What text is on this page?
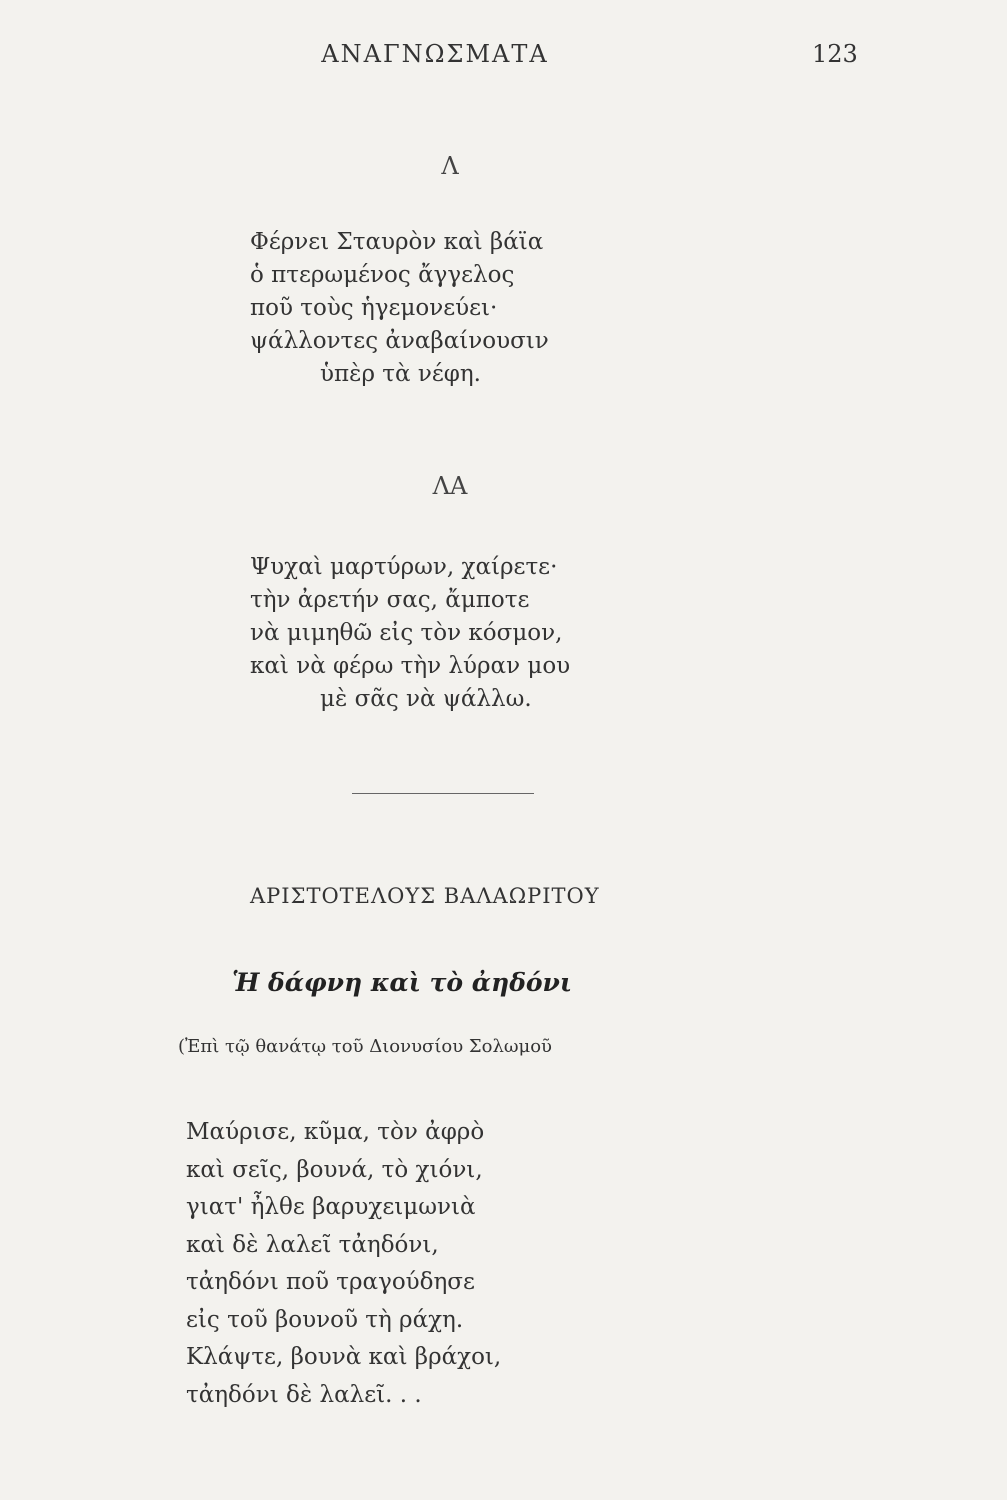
ΑΝΑΓΝΩΣΜΑΤΑ	123
Λ
Φέρνει Σταυρὸν καὶ βάϊα
ὁ πτερωμένος ἄγγελος
ποῦ τοὺς ἡγεμονεύει·
ψάλλοντες ἀναβαίνουσιν
ὑπὲρ τὰ νέφη.
ΛΑ
Ψυχαὶ μαρτύρων, χαίρετε·
τὴν ἀρετήν σας, ἄμποτε
νὰ μιμηθῶ εἰς τὸν κόσμον,
καὶ νὰ φέρω τὴν λύραν μου
μὲ σᾶς νὰ ψάλλω.
ΑΡΙΣΤΟΤΕΛΟΥΣ ΒΑΛΑΩΡΙΤΟΥ
Ἡ δάφνη καὶ τὸ ἀηδόνι
(Ἐπὶ τῷ θανάτῳ τοῦ Διονυσίου Σολωμοῦ
Μαύρισε, κῦμα, τὸν ἀφρὸ
καὶ σεῖς, βουνά, τὸ χιόνι,
γιατ' ἦλθε βαρυχειμωνιὰ
καὶ δὲ λαλεῖ τἀηδόνι,
τἀηδόνι ποῦ τραγούδησε
εἰς τοῦ βουνοῦ τὴ ράχη.
Κλάψτε, βουνὰ καὶ βράχοι,
τἀηδόνι δὲ λαλεῖ. . .
